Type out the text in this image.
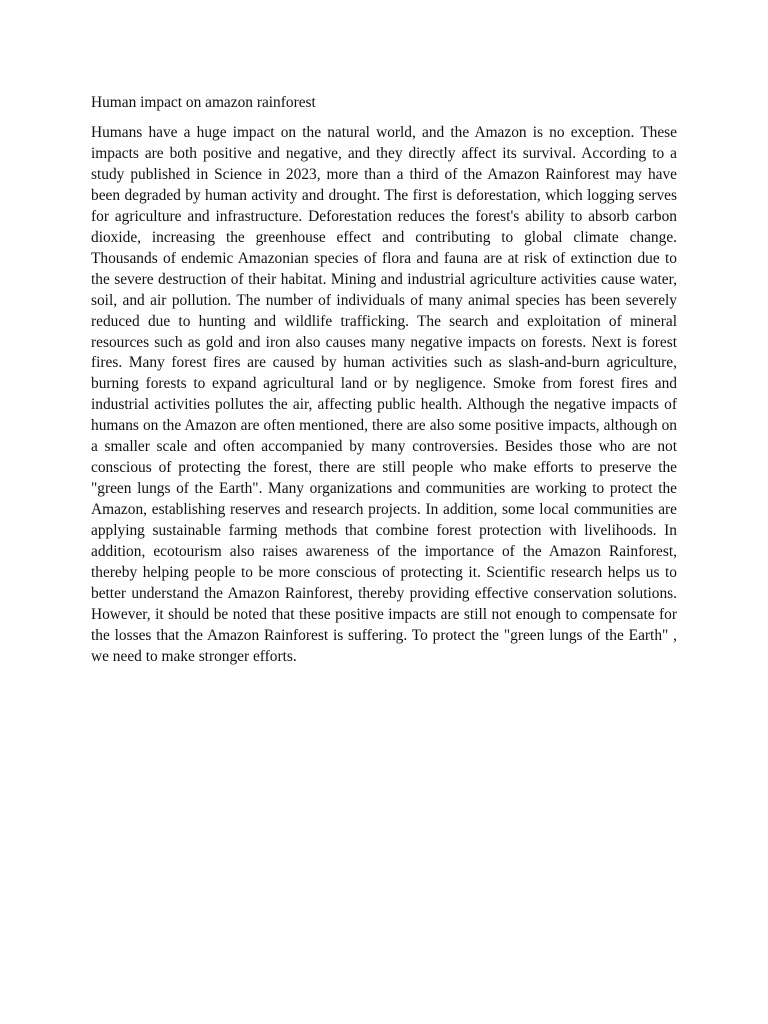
Human impact on amazon rainforest

Humans have a huge impact on the natural world, and the Amazon is no exception. These impacts are both positive and negative, and they directly affect its survival. According to a study published in Science in 2023, more than a third of the Amazon Rainforest may have been degraded by human activity and drought. The first is deforestation, which logging serves for agriculture and infrastructure. Deforestation reduces the forest's ability to absorb carbon dioxide, increasing the greenhouse effect and contributing to global climate change. Thousands of endemic Amazonian species of flora and fauna are at risk of extinction due to the severe destruction of their habitat. Mining and industrial agriculture activities cause water, soil, and air pollution. The number of individuals of many animal species has been severely reduced due to hunting and wildlife trafficking. The search and exploitation of mineral resources such as gold and iron also causes many negative impacts on forests. Next is forest fires. Many forest fires are caused by human activities such as slash-and-burn agriculture, burning forests to expand agricultural land or by negligence. Smoke from forest fires and industrial activities pollutes the air, affecting public health. Although the negative impacts of humans on the Amazon are often mentioned, there are also some positive impacts, although on a smaller scale and often accompanied by many controversies. Besides those who are not conscious of protecting the forest, there are still people who make efforts to preserve the "green lungs of the Earth". Many organizations and communities are working to protect the Amazon, establishing reserves and research projects. In addition, some local communities are applying sustainable farming methods that combine forest protection with livelihoods. In addition, ecotourism also raises awareness of the importance of the Amazon Rainforest, thereby helping people to be more conscious of protecting it. Scientific research helps us to better understand the Amazon Rainforest, thereby providing effective conservation solutions. However, it should be noted that these positive impacts are still not enough to compensate for the losses that the Amazon Rainforest is suffering. To protect the "green lungs of the Earth" , we need to make stronger efforts.
